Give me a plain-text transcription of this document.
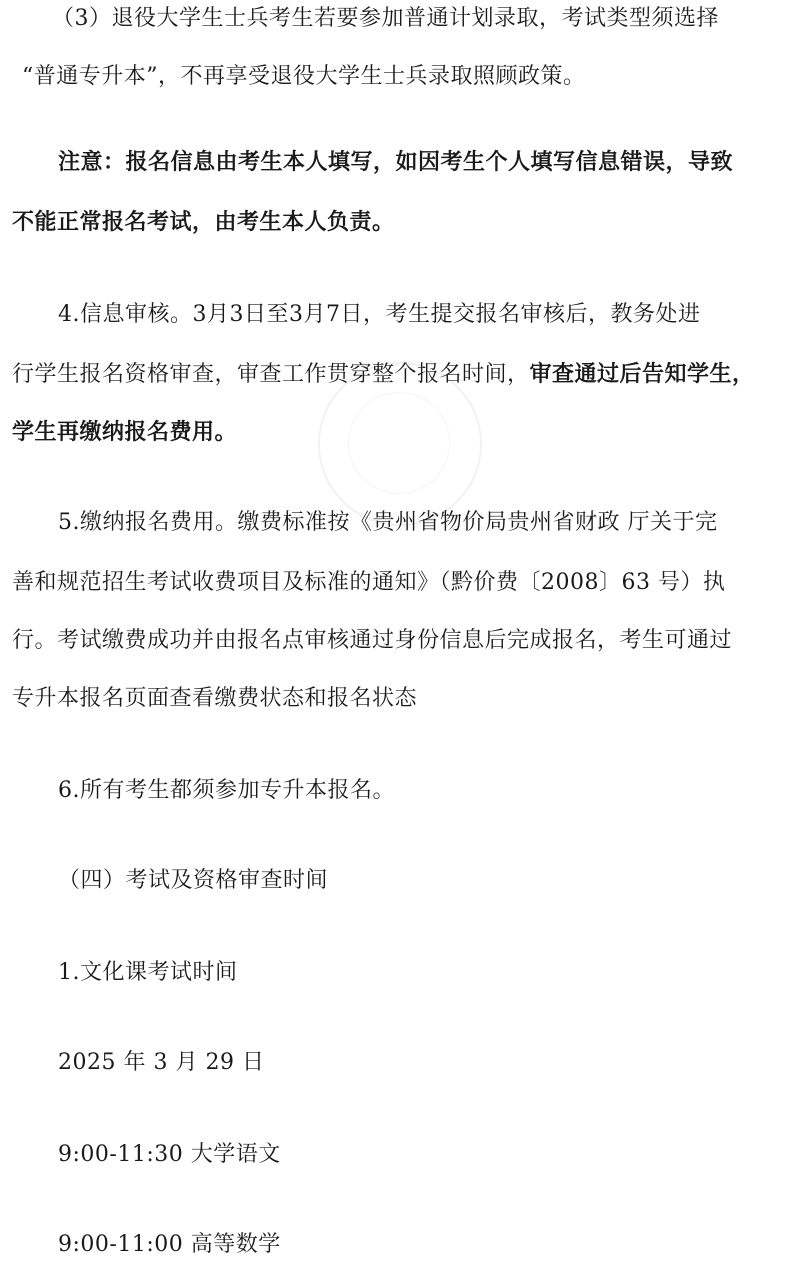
（3）退役大学生士兵考生若要参加普通计划录取，考试类型须选择
“普通专升本”，不再享受退役大学生士兵录取照顾政策。
注意：报名信息由考生本人填写，如因考生个人填写信息错误，导致
不能正常报名考试，由考生本人负责。
4.信息审核。3月3日至3月7日，考生提交报名审核后，教务处进
行学生报名资格审查，审查工作贯穿整个报名时间，审查通过后告知学生，
学生再缴纳报名费用。
5.缴纳报名费用。缴费标准按《贵州省物价局贵州省财政 厅关于完
善和规范招生考试收费项目及标准的通知》（黔价费〔2008〕63 号）执
行。考试缴费成功并由报名点审核通过身份信息后完成报名，考生可通过
专升本报名页面查看缴费状态和报名状态
6.所有考生都须参加专升本报名。
（四）考试及资格审查时间
1.文化课考试时间
2025 年 3 月 29 日
9:00-11:30 大学语文
9:00-11:00 高等数学
